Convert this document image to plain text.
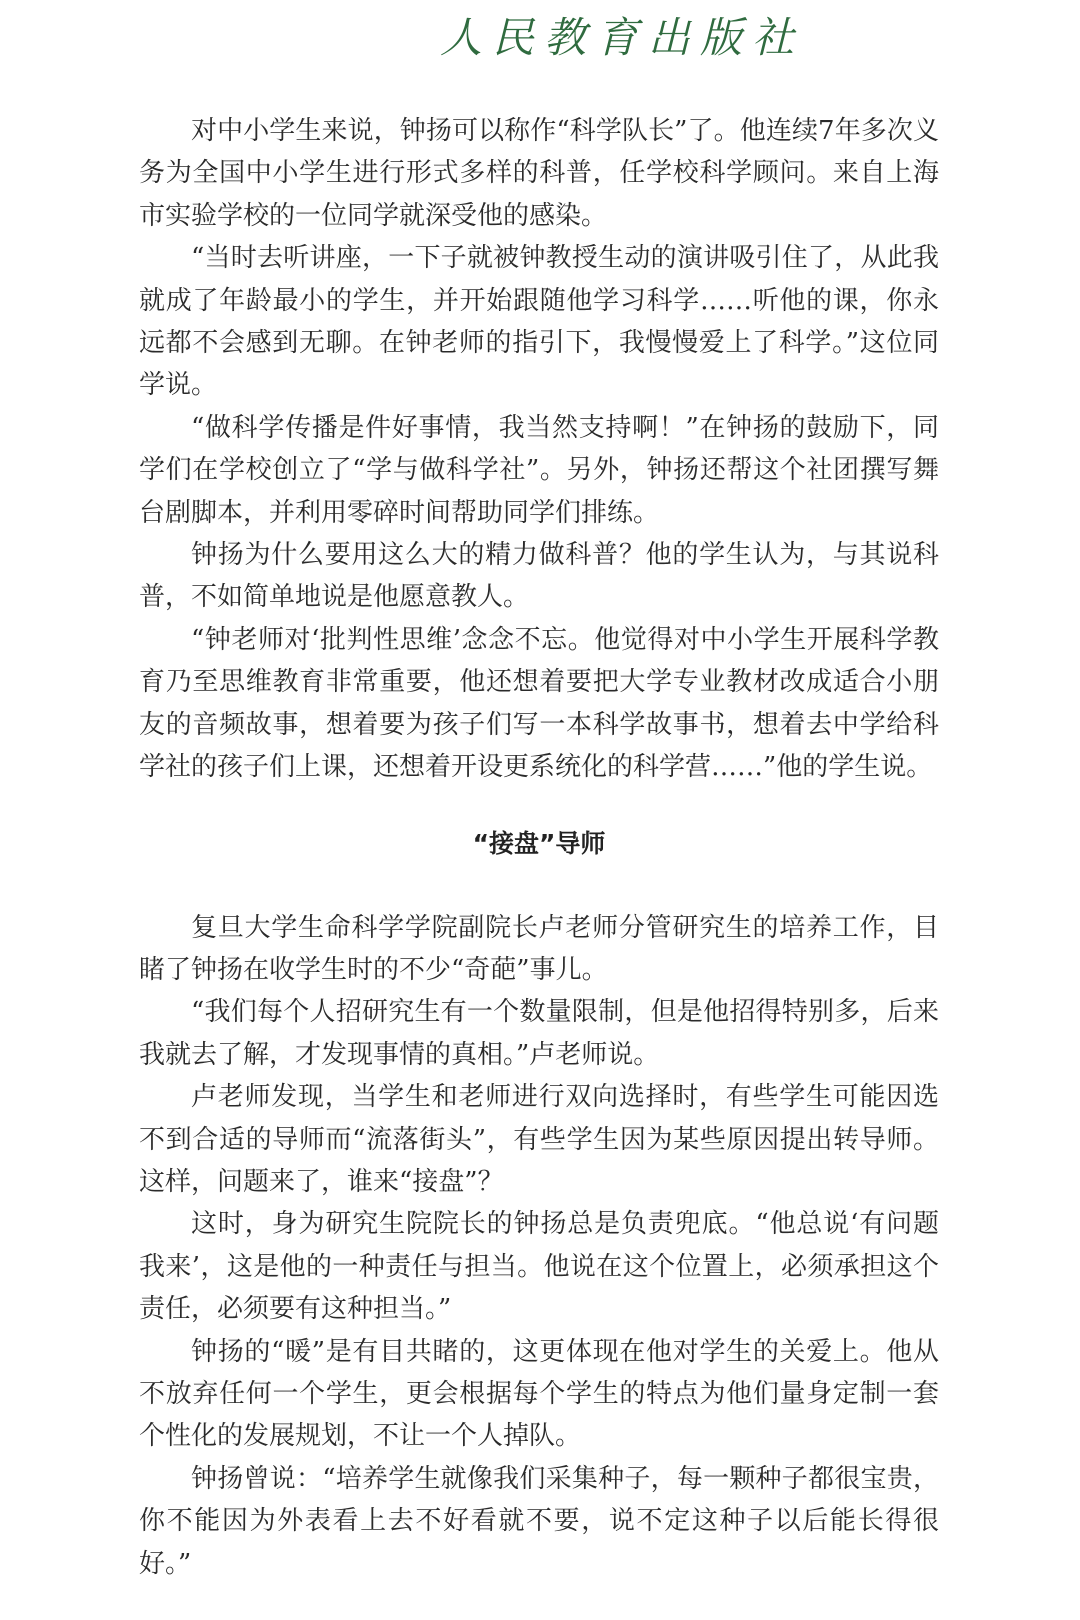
人民教育出版社

对中小学生来说，钟扬可以称作“科学队长”了。他连续7年多次义务为全国中小学生进行形式多样的科普，任学校科学顾问。来自上海市实验学校的一位同学就深受他的感染。

“当时去听讲座，一下子就被钟教授生动的演讲吸引住了，从此我就成了年龄最小的学生，并开始跟随他学习科学……听他的课，你永远都不会感到无聊。在钟老师的指引下，我慢慢爱上了科学。”这位同学说。

“做科学传播是件好事情，我当然支持啊！”在钟扬的鼓励下，同学们在学校创立了“学与做科学社”。另外，钟扬还帮这个社团撰写舞台剧脚本，并利用零碎时间帮助同学们排练。

钟扬为什么要用这么大的精力做科普？他的学生认为，与其说科普，不如简单地说是他愿意教人。

“钟老师对‘批判性思维’念念不忘。他觉得对中小学生开展科学教育乃至思维教育非常重要，他还想着要把大学专业教材改成适合小朋友的音频故事，想着要为孩子们写一本科学故事书，想着去中学给科学社的孩子们上课，还想着开设更系统化的科学营……”他的学生说。

“接盘”导师

复旦大学生命科学学院副院长卢老师分管研究生的培养工作，目睹了钟扬在收学生时的不少“奇葩”事儿。

“我们每个人招研究生有一个数量限制，但是他招得特别多，后来我就去了解，才发现事情的真相。”卢老师说。

卢老师发现，当学生和老师进行双向选择时，有些学生可能因选不到合适的导师而“流落街头”，有些学生因为某些原因提出转导师。这样，问题来了，谁来“接盘”？

这时，身为研究生院院长的钟扬总是负责兜底。“他总说‘有问题我来’，这是他的一种责任与担当。他说在这个位置上，必须承担这个责任，必须要有这种担当。”

钟扬的“暖”是有目共睹的，这更体现在他对学生的关爱上。他从不放弃任何一个学生，更会根据每个学生的特点为他们量身定制一套个性化的发展规划，不让一个人掉队。

钟扬曾说：“培养学生就像我们采集种子，每一颗种子都很宝贵，你不能因为外表看上去不好看就不要，说不定这种子以后能长得很好。”
